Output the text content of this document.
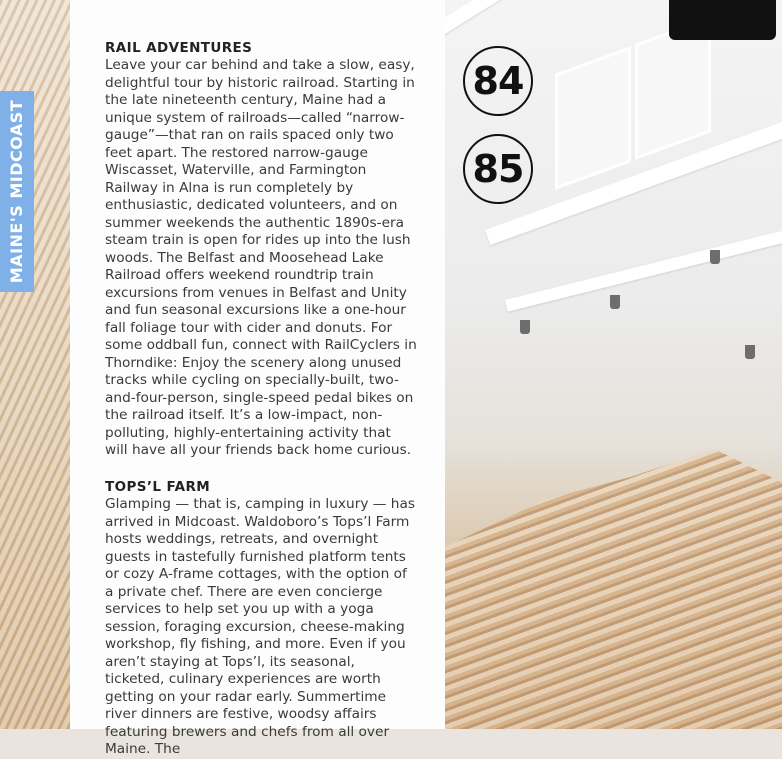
RAIL ADVENTURES

Leave your car behind and take a slow, easy, delightful tour by historic railroad. Starting in the late nineteenth century, Maine had a unique system of railroads—called “narrow-gauge”—that ran on rails spaced only two feet apart. The restored narrow-gauge Wiscasset, Waterville, and Farmington Railway in Alna is run completely by enthusiastic, dedicated volunteers, and on summer weekends the authentic 1890s-era steam train is open for rides up into the lush woods. The Belfast and Moosehead Lake Railroad offers weekend roundtrip train excursions from venues in Belfast and Unity and fun seasonal excursions like a one-hour fall foliage tour with cider and donuts. For some oddball fun, connect with RailCyclers in Thorndike: Enjoy the scenery along unused tracks while cycling on specially-built, two-and-four-person, single-speed pedal bikes on the railroad itself. It’s a low-impact, non-polluting, highly-entertaining activity that will have all your friends back home curious.

TOPS’L FARM

Glamping — that is, camping in luxury — has arrived in Midcoast. Waldoboro’s Tops’l Farm hosts weddings, retreats, and overnight guests in tastefully furnished platform tents or cozy A-frame cottages, with the option of a private chef. There are even concierge services to help set you up with a yoga session, foraging excursion, cheese-making workshop, fly fishing, and more. Even if you aren’t staying at Tops’l, its seasonal, ticketed, culinary experiences are worth getting on your radar early. Summertime river dinners are festive, woodsy affairs featuring brewers and chefs from all over Maine. The

MAINE'S MIDCOAST
84
85
